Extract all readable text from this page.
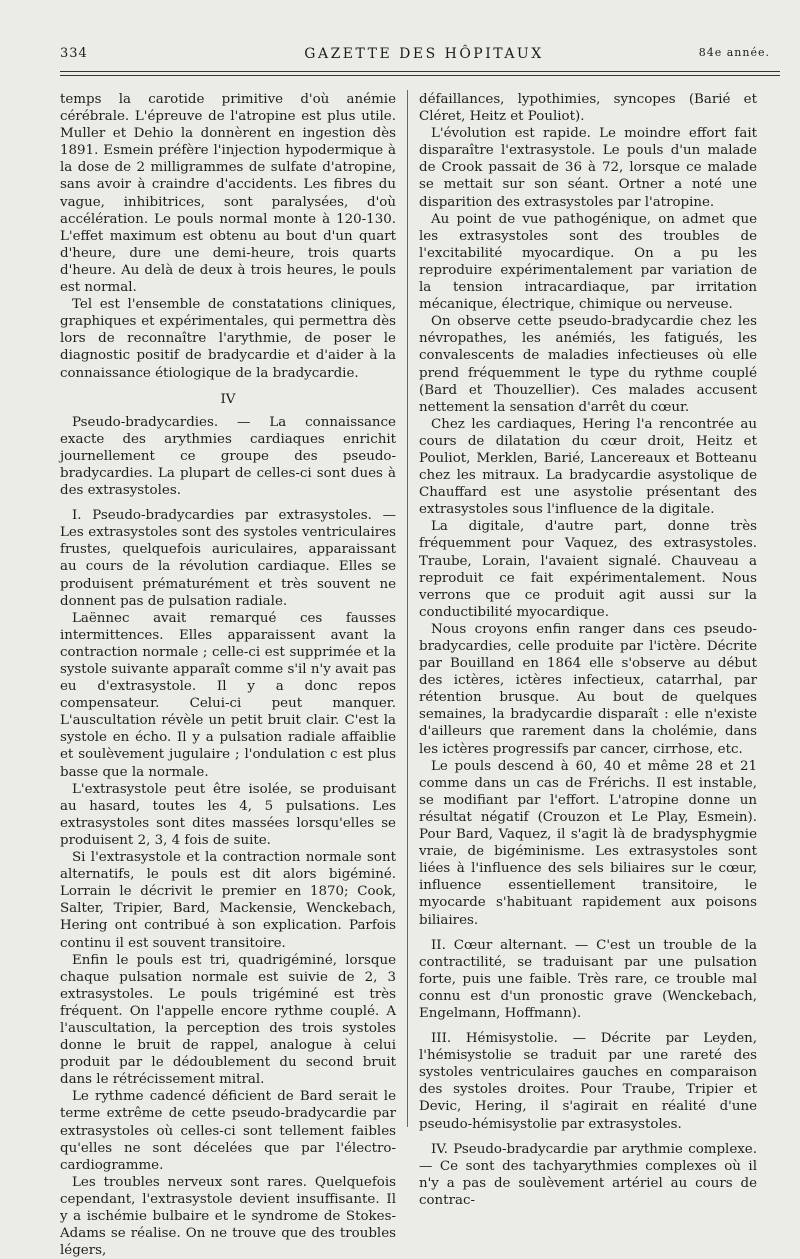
334	GAZETTE DES HÔPITAUX	84e année.

temps la carotide primitive d'où anémie cérébrale. L'épreuve de l'atropine est plus utile. Muller et Dehio la donnèrent en ingestion dès 1891. Esmein préfère l'injection hypodermique à la dose de 2 milligrammes de sulfate d'atropine, sans avoir à craindre d'accidents. Les fibres du vague, inhibitrices, sont paralysées, d'où accélération. Le pouls normal monte à 120-130. L'effet maximum est obtenu au bout d'un quart d'heure, dure une demi-heure, trois quarts d'heure. Au delà de deux à trois heures, le pouls est normal.

Tel est l'ensemble de constatations cliniques, graphiques et expérimentales, qui permettra dès lors de reconnaître l'arythmie, de poser le diagnostic positif de bradycardie et d'aider à la connaissance étiologique de la bradycardie.

IV

Pseudo-bradycardies. — La connaissance exacte des arythmies cardiaques enrichit journellement ce groupe des pseudo-bradycardies. La plupart de celles-ci sont dues à des extrasystoles.

I. Pseudo-bradycardies par extrasystoles. — Les extrasystoles sont des systoles ventriculaires frustes, quelquefois auriculaires, apparaissant au cours de la révolution cardiaque. Elles se produisent prématurément et très souvent ne donnent pas de pulsation radiale.

Laënnec avait remarqué ces fausses intermittences. Elles apparaissent avant la contraction normale ; celle-ci est supprimée et la systole suivante apparaît comme s'il n'y avait pas eu d'extrasystole. Il y a donc repos compensateur. Celui-ci peut manquer. L'auscultation révèle un petit bruit clair. C'est la systole en écho. Il y a pulsation radiale affaiblie et soulèvement jugulaire ; l'ondulation c est plus basse que la normale.

L'extrasystole peut être isolée, se produisant au hasard, toutes les 4, 5 pulsations. Les extrasystoles sont dites massées lorsqu'elles se produisent 2, 3, 4 fois de suite.

Si l'extrasystole et la contraction normale sont alternatifs, le pouls est dit alors bigéminé. Lorrain le décrivit le premier en 1870; Cook, Salter, Tripier, Bard, Mackensie, Wenckebach, Hering ont contribué à son explication. Parfois continu il est souvent transitoire.

Enfin le pouls est tri, quadrigéminé, lorsque chaque pulsation normale est suivie de 2, 3 extrasystoles. Le pouls trigéminé est très fréquent. On l'appelle encore rythme couplé. A l'auscultation, la perception des trois systoles donne le bruit de rappel, analogue à celui produit par le dédoublement du second bruit dans le rétrécissement mitral.

Le rythme cadencé déficient de Bard serait le terme extrême de cette pseudo-bradycardie par extrasystoles où celles-ci sont tellement faibles qu'elles ne sont décelées que par l'électro-cardiogramme.

Les troubles nerveux sont rares. Quelquefois cependant, l'extrasystole devient insuffisante. Il y a ischémie bulbaire et le syndrome de Stokes-Adams se réalise. On ne trouve que des troubles légers,

défaillances, lypothimies, syncopes (Barié et Cléret, Heitz et Pouliot).

L'évolution est rapide. Le moindre effort fait disparaître l'extrasystole. Le pouls d'un malade de Crook passait de 36 à 72, lorsque ce malade se mettait sur son séant. Ortner a noté une disparition des extrasystoles par l'atropine.

Au point de vue pathogénique, on admet que les extrasystoles sont des troubles de l'excitabilité myocardique. On a pu les reproduire expérimentalement par variation de la tension intracardiaque, par irritation mécanique, électrique, chimique ou nerveuse.

On observe cette pseudo-bradycardie chez les névropathes, les anémiés, les fatigués, les convalescents de maladies infectieuses où elle prend fréquemment le type du rythme couplé (Bard et Thouzellier). Ces malades accusent nettement la sensation d'arrêt du cœur.

Chez les cardiaques, Hering l'a rencontrée au cours de dilatation du cœur droit, Heitz et Pouliot, Merklen, Barié, Lancereaux et Botteanu chez les mitraux. La bradycardie asystolique de Chauffard est une asystolie présentant des extrasystoles sous l'influence de la digitale.

La digitale, d'autre part, donne très fréquemment pour Vaquez, des extrasystoles. Traube, Lorain, l'avaient signalé. Chauveau a reproduit ce fait expérimentalement. Nous verrons que ce produit agit aussi sur la conductibilité myocardique.

Nous croyons enfin ranger dans ces pseudo-bradycardies, celle produite par l'ictère. Décrite par Bouilland en 1864 elle s'observe au début des ictères, ictères infectieux, catarrhal, par rétention brusque. Au bout de quelques semaines, la bradycardie disparaît : elle n'existe d'ailleurs que rarement dans la cholémie, dans les ictères progressifs par cancer, cirrhose, etc.

Le pouls descend à 60, 40 et même 28 et 21 comme dans un cas de Frérichs. Il est instable, se modifiant par l'effort. L'atropine donne un résultat négatif (Crouzon et Le Play, Esmein). Pour Bard, Vaquez, il s'agit là de bradysphygmie vraie, de bigéminisme. Les extrasystoles sont liées à l'influence des sels biliaires sur le cœur, influence essentiellement transitoire, le myocarde s'habituant rapidement aux poisons biliaires.

II. Cœur alternant. — C'est un trouble de la contractilité, se traduisant par une pulsation forte, puis une faible. Très rare, ce trouble mal connu est d'un pronostic grave (Wenckebach, Engelmann, Hoffmann).

III. Hémisystolie. — Décrite par Leyden, l'hémisystolie se traduit par une rareté des systoles ventriculaires gauches en comparaison des systoles droites. Pour Traube, Tripier et Devic, Hering, il s'agirait en réalité d'une pseudo-hémisystolie par extrasystoles.

IV. Pseudo-bradycardie par arythmie complexe. — Ce sont des tachyarythmies complexes où il n'y a pas de soulèvement artériel au cours de contrac-
